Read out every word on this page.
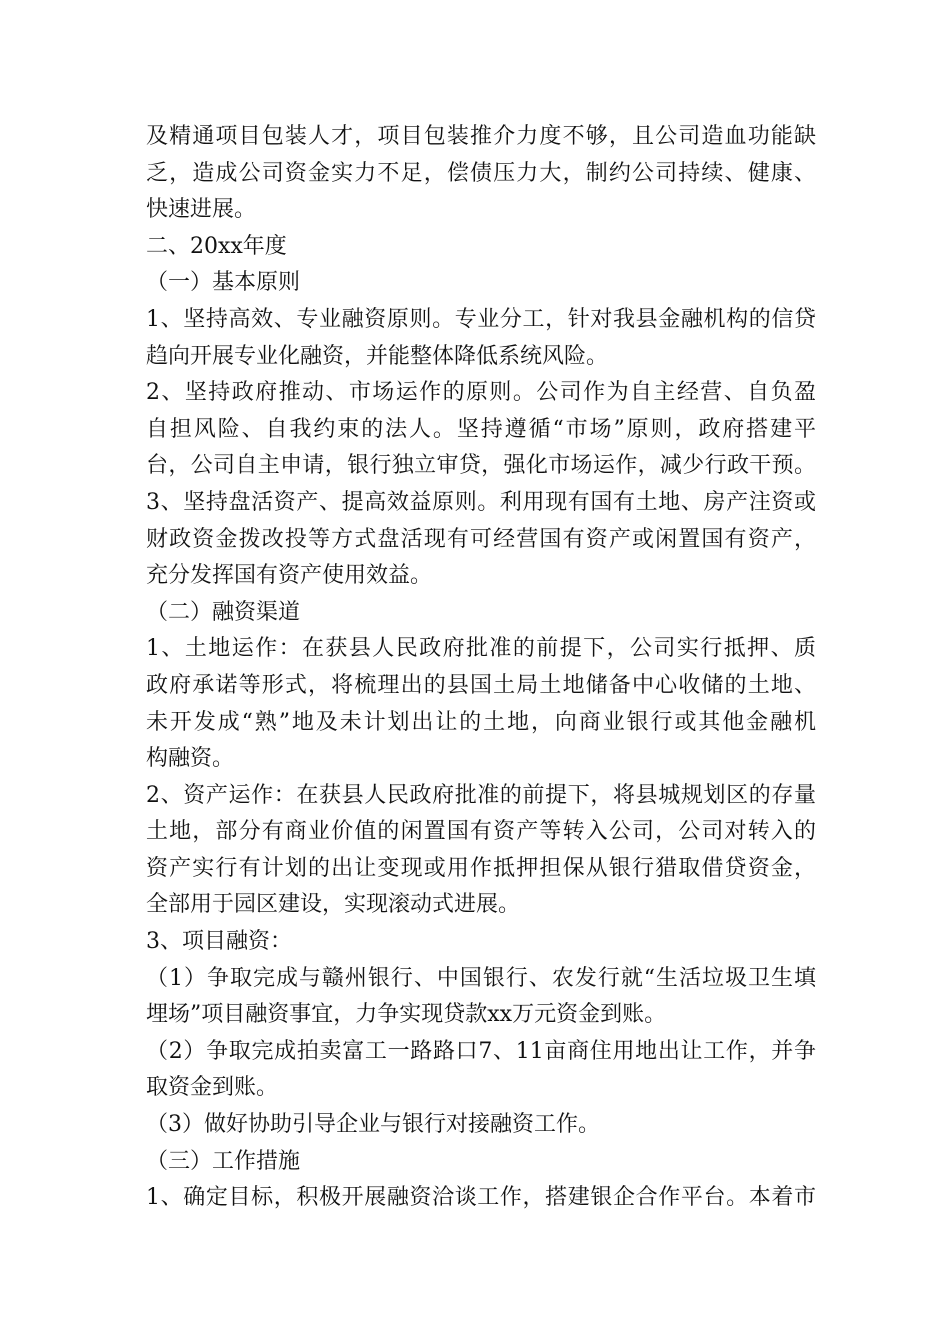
及精通项目包装人才，项目包装推介力度不够，且公司造血功能缺
乏，造成公司资金实力不足，偿债压力大，制约公司持续、健康、
快速进展。
二、20xx年度
（一）基本原则
1、坚持高效、专业融资原则。专业分工，针对我县金融机构的信贷
趋向开展专业化融资，并能整体降低系统风险。
2、坚持政府推动、市场运作的原则。公司作为自主经营、自负盈
自担风险、自我约束的法人。坚持遵循“市场”原则，政府搭建平
台，公司自主申请，银行独立审贷，强化市场运作，减少行政干预。
3、坚持盘活资产、提高效益原则。利用现有国有土地、房产注资或
财政资金拨改投等方式盘活现有可经营国有资产或闲置国有资产，
充分发挥国有资产使用效益。
（二）融资渠道
1、土地运作：在获县人民政府批准的前提下，公司实行抵押、质
政府承诺等形式，将梳理出的县国土局土地储备中心收储的土地、
未开发成“熟”地及未计划出让的土地，向商业银行或其他金融机
构融资。
2、资产运作：在获县人民政府批准的前提下，将县城规划区的存量
土地，部分有商业价值的闲置国有资产等转入公司，公司对转入的
资产实行有计划的出让变现或用作抵押担保从银行猎取借贷资金，
全部用于园区建设，实现滚动式进展。
3、项目融资：
（1）争取完成与赣州银行、中国银行、农发行就“生活垃圾卫生填
埋场”项目融资事宜，力争实现贷款xx万元资金到账。
（2）争取完成拍卖富工一路路口7、11亩商住用地出让工作，并争
取资金到账。
（3）做好协助引导企业与银行对接融资工作。
（三）工作措施
1、确定目标，积极开展融资洽谈工作，搭建银企合作平台。本着市
